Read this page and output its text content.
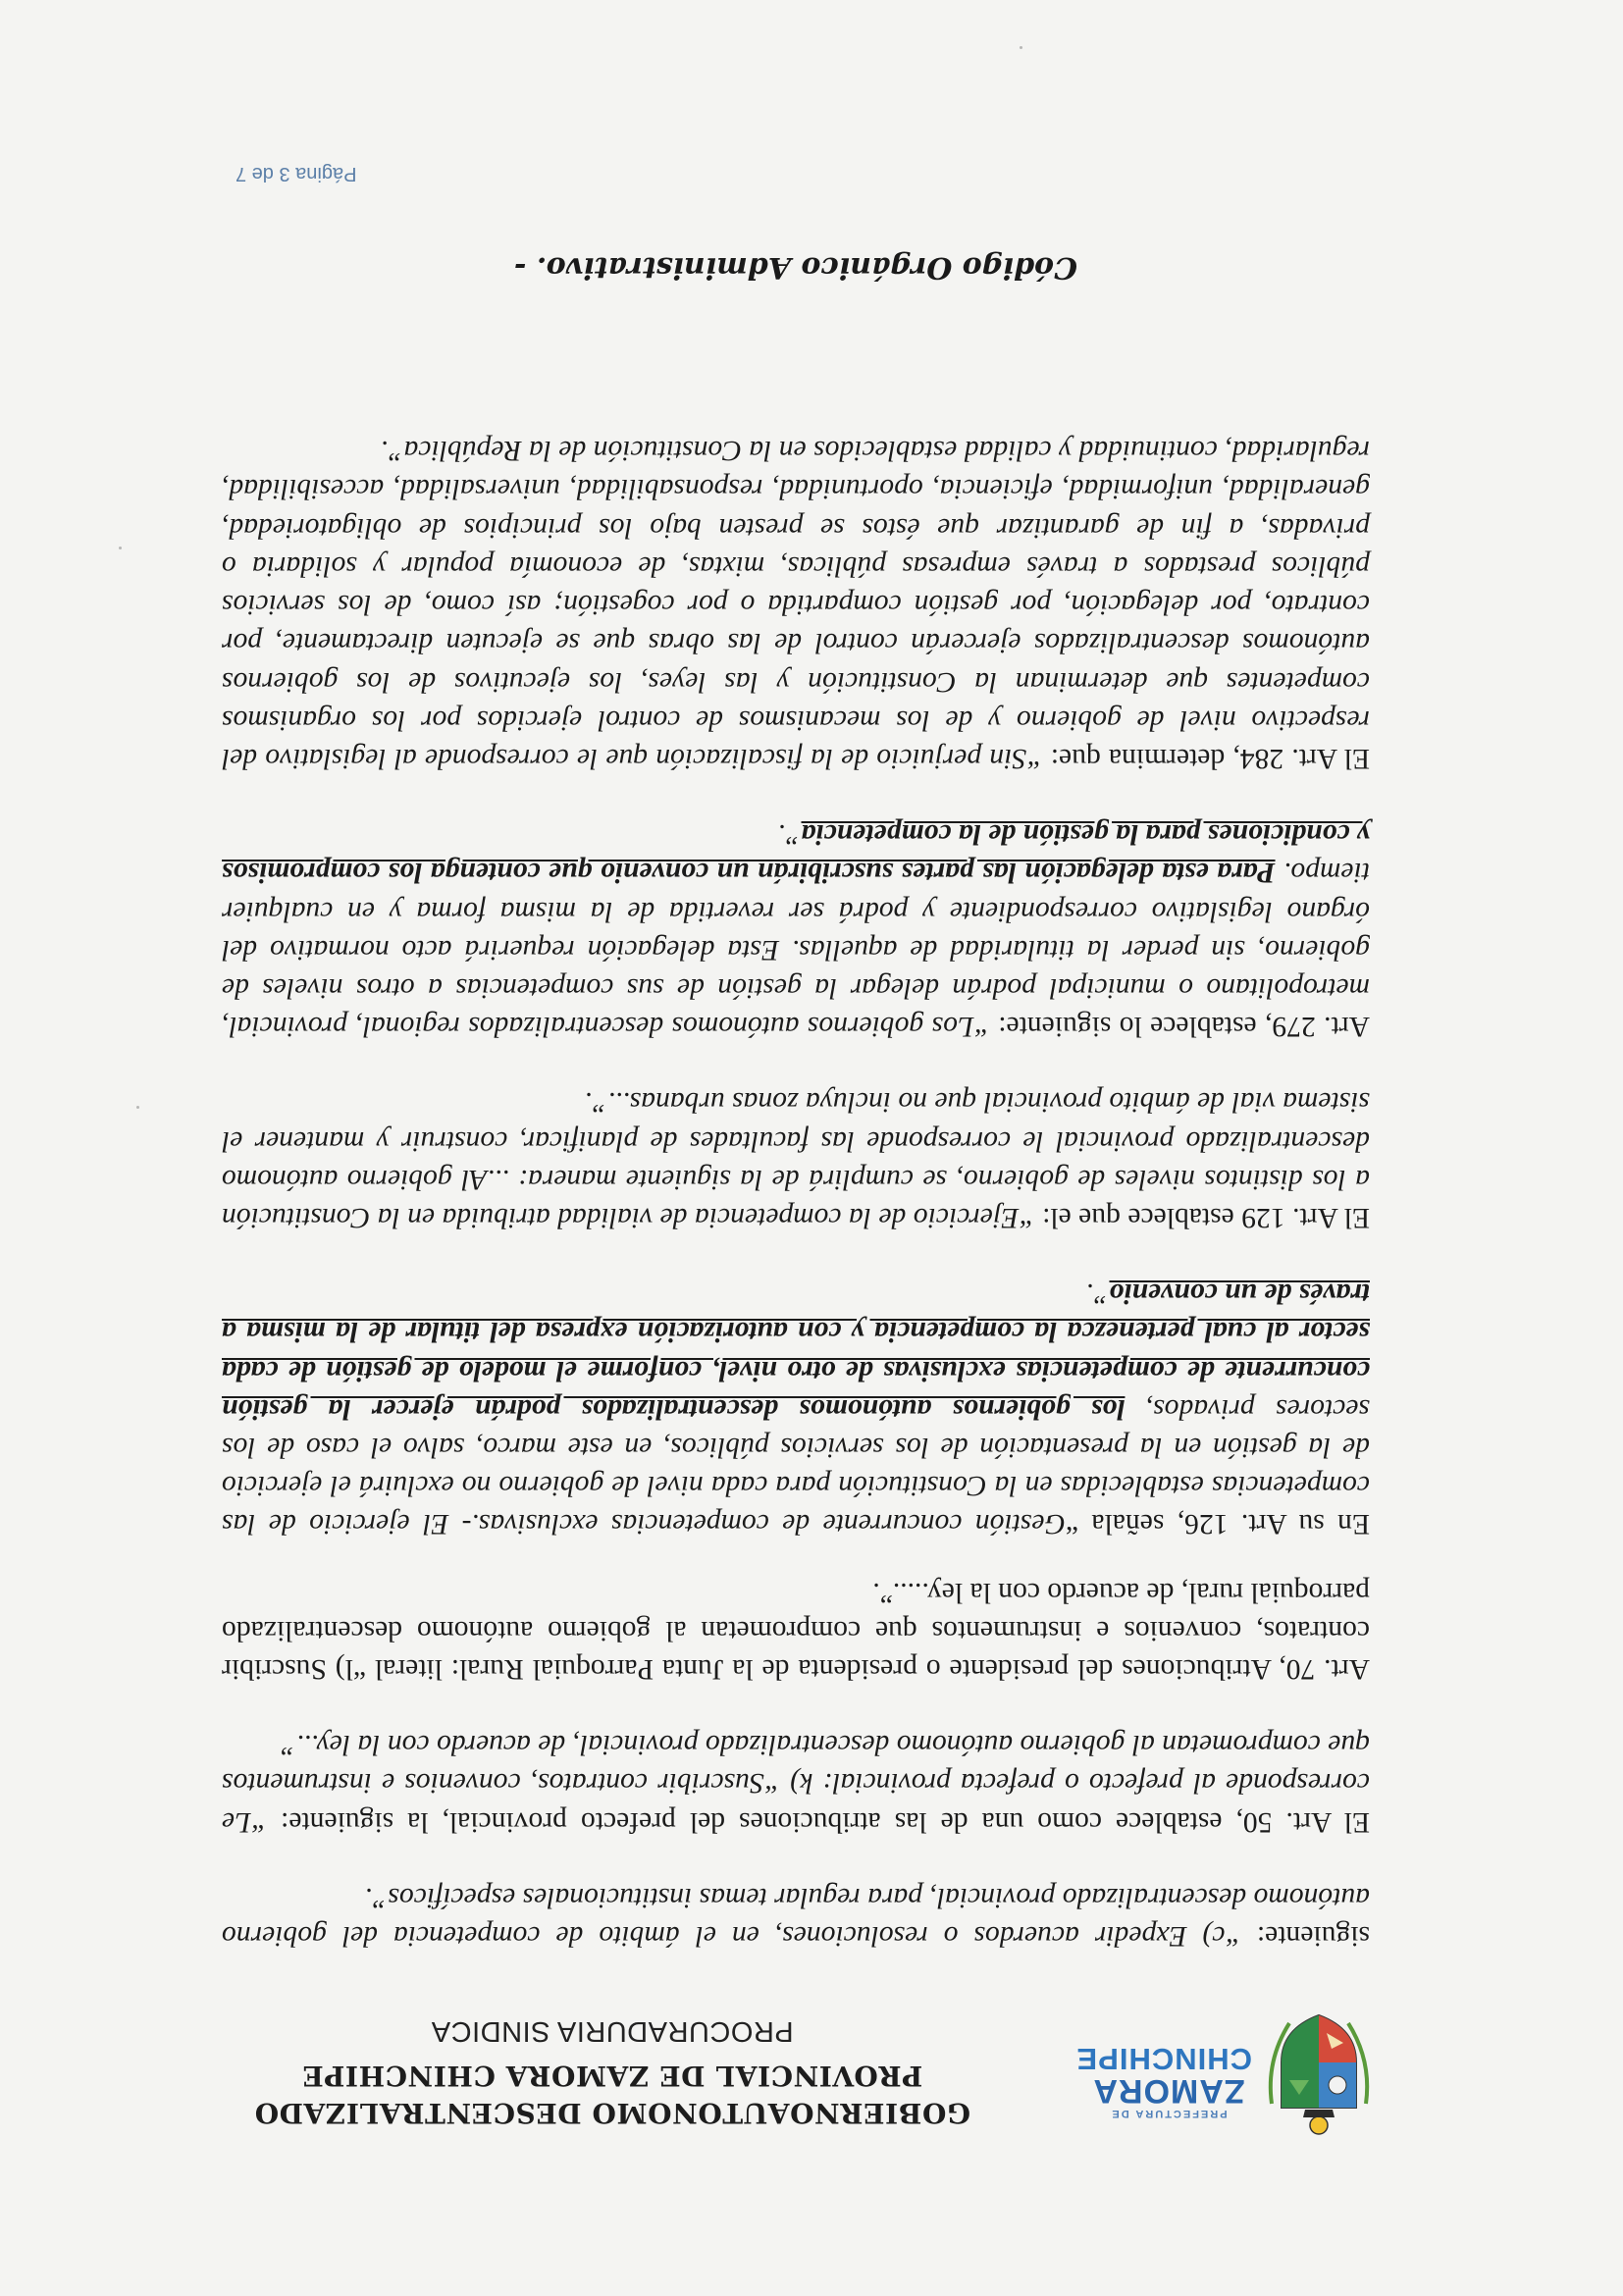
PREFECTURA DE
ZAMORA
CHINCHIPE
GOBIERNOAUTONOMO DESCENTRALIZADO
PROVINCIAL DE ZAMORA CHINCHIPE
PROCURADURIA SINDICA

siguiente: “c) Expedir acuerdos o resoluciones, en el ámbito de competencia del gobierno autónomo descentralizado provincial, para regular temas institucionales específicos”.

El Art. 50, establece como una de las atribuciones del prefecto provincial, la siguiente: “Le corresponde al prefecto o prefecta provincial: k) “Suscribir contratos, convenios e instrumentos que comprometan al gobierno autónomo descentralizado provincial, de acuerdo con la ley...”

Art. 70, Atribuciones del presidente o presidenta de la Junta Parroquial Rural: literal “l) Suscribir contratos, convenios e instrumentos que comprometan al gobierno autónomo descentralizado parroquial rural, de acuerdo con la ley.....”.

En su Art. 126, señala “Gestión concurrente de competencias exclusivas.- El ejercicio de las competencias establecidas en la Constitución para cada nivel de gobierno no excluirá el ejercicio de la gestión en la presentación de los servicios públicos, en este marco, salvo el caso de los sectores privados, los gobiernos autónomos descentralizados podrán ejercer la gestión concurrente de competencias exclusivas de otro nivel, conforme el modelo de gestión de cada sector al cual pertenezca la competencia y con autorización expresa del titular de la misma a través de un convenio”.

El Art. 129 establece que el: “Ejercicio de la competencia de vialidad atribuida en la Constitución a los distintos niveles de gobierno, se cumplirá de la siguiente manera: ...Al gobierno autónomo descentralizado provincial le corresponde las facultades de planificar, construir y mantener el sistema vial de ámbito provincial que no incluya zonas urbanas...”.

Art. 279, establece lo siguiente: “Los gobiernos autónomos descentralizados regional, provincial, metropolitano o municipal podrán delegar la gestión de sus competencias a otros niveles de gobierno, sin perder la titularidad de aquellas. Esta delegación requerirá acto normativo del órgano legislativo correspondiente y podrá ser revertida de la misma forma y en cualquier tiempo. Para esta delegación las partes suscribirán un convenio que contenga los compromisos y condiciones para la gestión de la competencia”.

El Art. 284, determina que: “Sin perjuicio de la fiscalización que le corresponde al legislativo del respectivo nivel de gobierno y de los mecanismos de control ejercidos por los organismos competentes que determinan la Constitución y las leyes, los ejecutivos de los gobiernos autónomos descentralizados ejercerán control de las obras que se ejecuten directamente, por contrato, por delegación, por gestión compartida o por cogestión; así como, de los servicios públicos prestados a través empresas públicas, mixtas, de economía popular y solidaria o privadas, a fin de garantizar que éstos se presten bajo los principios de obligatoriedad, generalidad, uniformidad, eficiencia, oportunidad, responsabilidad, universalidad, accesibilidad, regularidad, continuidad y calidad establecidos en la Constitución de la República”.

Código Orgánico Administrativo. -
Página 3 de 7
